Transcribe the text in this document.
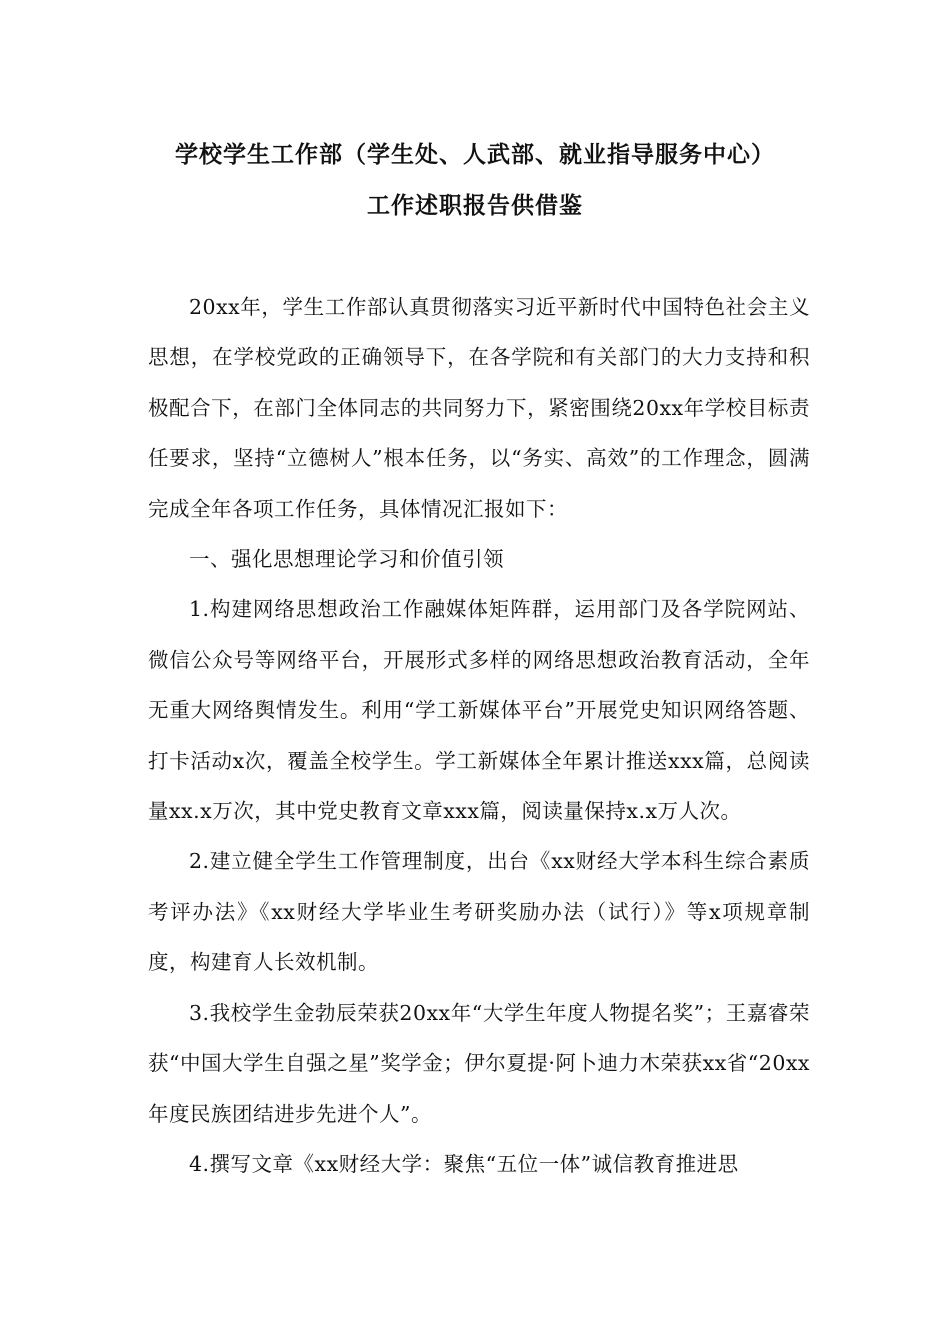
学校学生工作部（学生处、人武部、就业指导服务中心）
工作述职报告供借鉴

20xx年，学生工作部认真贯彻落实习近平新时代中国特色社会主义思想，在学校党政的正确领导下，在各学院和有关部门的大力支持和积极配合下，在部门全体同志的共同努力下，紧密围绕20xx年学校目标责任要求，坚持“立德树人”根本任务，以“务实、高效”的工作理念，圆满完成全年各项工作任务，具体情况汇报如下：

一、强化思想理论学习和价值引领

1.构建网络思想政治工作融媒体矩阵群，运用部门及各学院网站、微信公众号等网络平台，开展形式多样的网络思想政治教育活动，全年无重大网络舆情发生。利用“学工新媒体平台”开展党史知识网络答题、打卡活动x次，覆盖全校学生。学工新媒体全年累计推送xxx篇，总阅读量xx.x万次，其中党史教育文章xxx篇，阅读量保持x.x万人次。

2.建立健全学生工作管理制度，出台《xx财经大学本科生综合素质考评办法》《xx财经大学毕业生考研奖励办法（试行）》等x项规章制度，构建育人长效机制。

3.我校学生金勃辰荣获20xx年“大学生年度人物提名奖”；王嘉睿荣获“中国大学生自强之星”奖学金；伊尔夏提·阿卜迪力木荣获xx省“20xx年度民族团结进步先进个人”。

4.撰写文章《xx财经大学：聚焦“五位一体”诚信教育推进思
